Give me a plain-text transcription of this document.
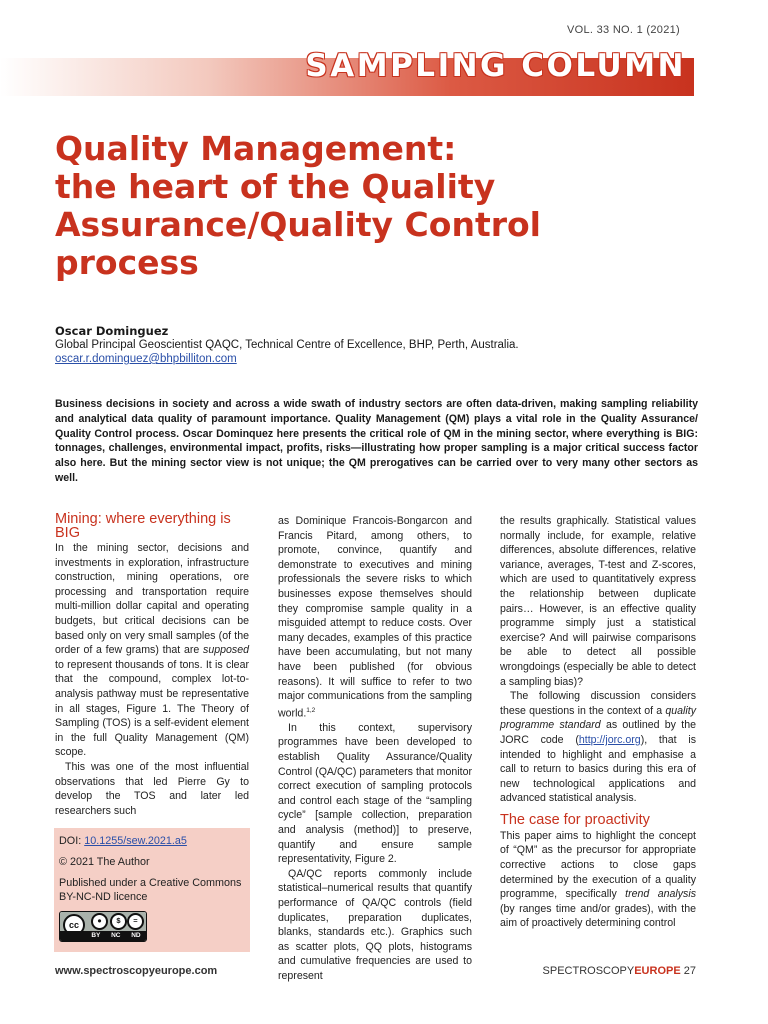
VOL. 33 NO. 1 (2021)
SAMPLING COLUMN
Quality Management:
the heart of the Quality
Assurance/Quality Control
process
Oscar Dominguez
Global Principal Geoscientist QAQC, Technical Centre of Excellence, BHP, Perth, Australia.
oscar.r.dominguez@bhpbilliton.com

Business decisions in society and across a wide swath of industry sectors are often data-driven, making sampling reliability and analytical data quality of paramount importance. Quality Management (QM) plays a vital role in the Quality Assurance/ Quality Control process. Oscar Dominquez here presents the critical role of QM in the mining sector, where everything is BIG: tonnages, challenges, environmental impact, profits, risks—illustrating how proper sampling is a major critical success factor also here. But the mining sector view is not unique; the QM prerogatives can be carried over to very many other sectors as well.

Mining: where everything is BIG

In the mining sector, decisions and investments in exploration, infrastructure construction, mining operations, ore processing and transportation require multi-million dollar capital and operating budgets, but critical decisions can be based only on very small samples (of the order of a few grams) that are supposed to represent thousands of tons. It is clear that the compound, complex lot-to-analysis pathway must be representative in all stages, Figure 1. The Theory of Sampling (TOS) is a self-evident element in the full Quality Management (QM) scope.

This was one of the most influential observations that led Pierre Gy to develop the TOS and later led researchers such

DOI: 10.1255/sew.2021.a5
© 2021 The Author
Published under a Creative Commons BY-NC-ND licence
cc	●	$	=
BY NC ND

as Dominique Francois-Bongarcon and Francis Pitard, among others, to promote, convince, quantify and demonstrate to executives and mining professionals the severe risks to which businesses expose themselves should they compromise sample quality in a misguided attempt to reduce costs. Over many decades, examples of this practice have been accumulating, but not many have been published (for obvious reasons). It will suffice to refer to two major communications from the sampling world.$^{1,2}$

In this context, supervisory programmes have been developed to establish Quality Assurance/Quality Control (QA/QC) parameters that monitor correct execution of sampling protocols and control each stage of the “sampling cycle” [sample collection, preparation and analysis (method)] to preserve, quantify and ensure sample representativity, Figure 2.

QA/QC reports commonly include statistical–numerical results that quantify performance of QA/QC controls (field duplicates, preparation duplicates, blanks, standards etc.). Graphics such as scatter plots, QQ plots, histograms and cumulative frequencies are used to represent

the results graphically. Statistical values normally include, for example, relative differences, absolute differences, relative variance, averages, T-test and Z-scores, which are used to quantitatively express the relationship between duplicate pairs… However, is an effective quality programme simply just a statistical exercise? And will pairwise comparisons be able to detect all possible wrongdoings (especially be able to detect a sampling bias)?

The following discussion considers these questions in the context of a quality programme standard as outlined by the JORC code (http://jorc.org), that is intended to highlight and emphasise a call to return to basics during this era of new technological applications and advanced statistical analysis.

The case for proactivity

This paper aims to highlight the concept of “QM” as the precursor for appropriate corrective actions to close gaps determined by the execution of a quality programme, specifically trend analysis (by ranges time and/or grades), with the aim of proactively determining control

www.spectroscopyeurope.com	SPECTROSCOPYEUROPE 27
